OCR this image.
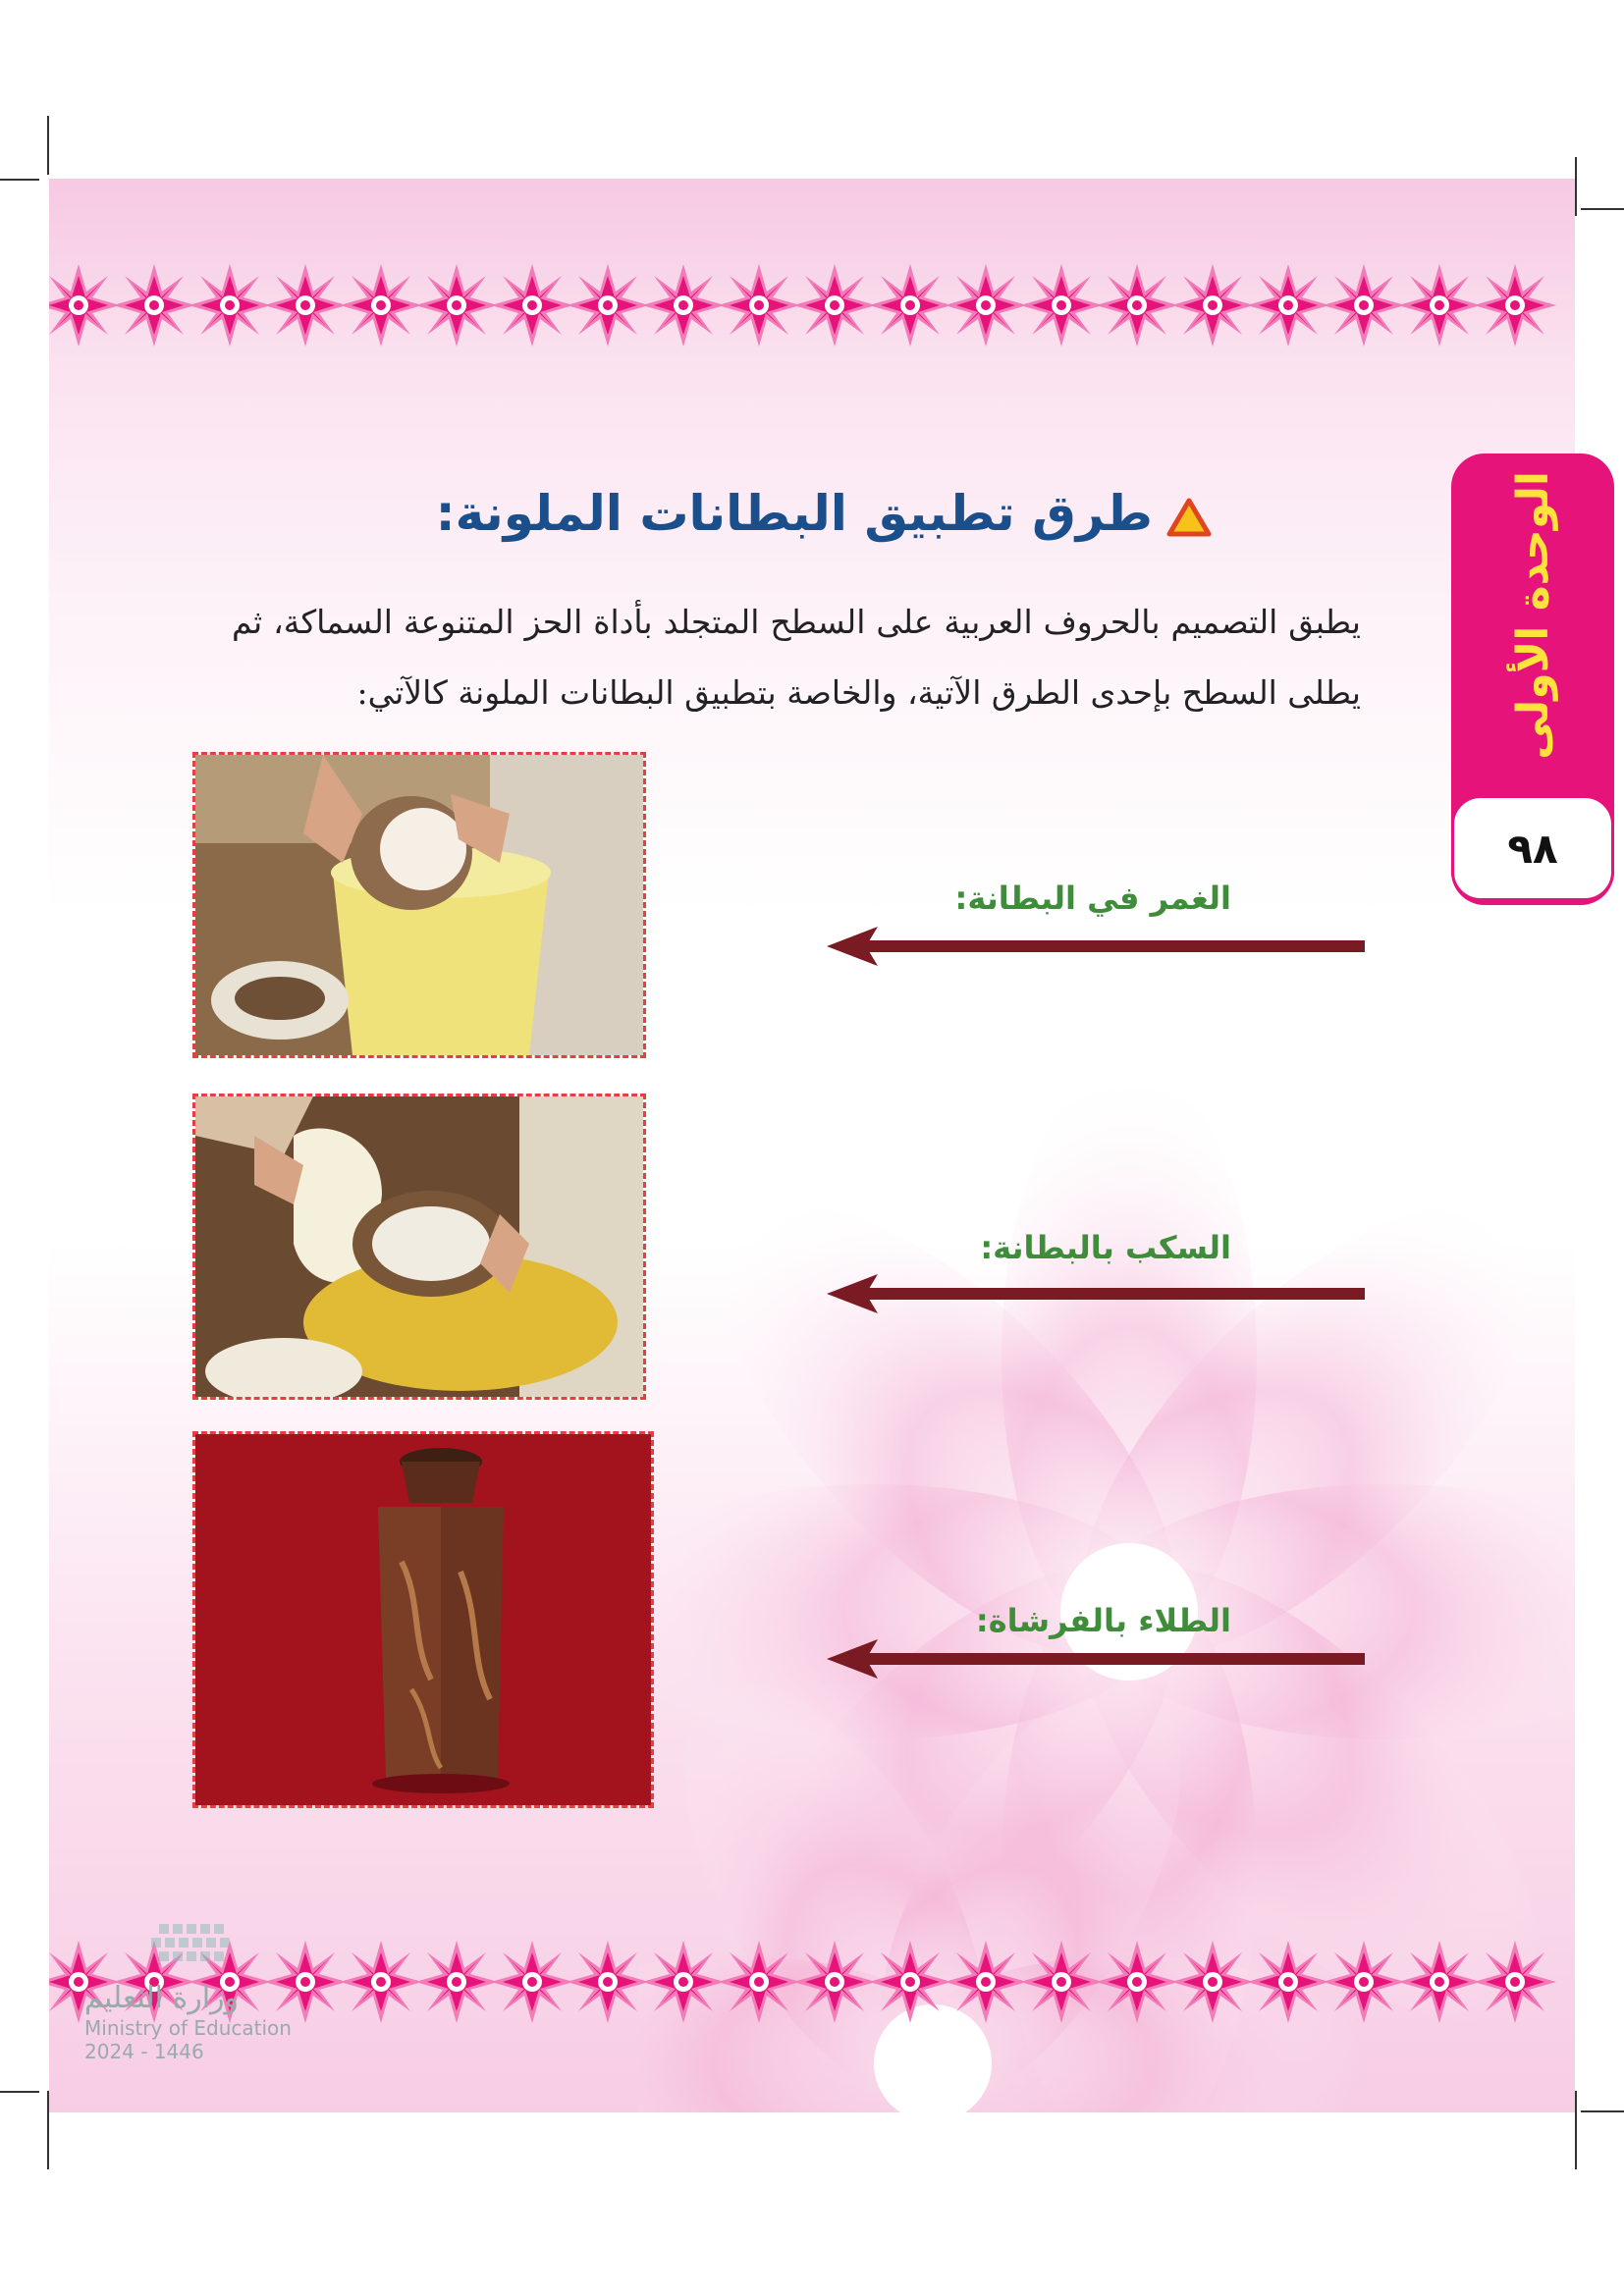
وزارة التعليم
Ministry of Education
2024 - 1446
الوحدة الأولى
٩٨
طرق تطبيق البطانات الملونة:
يطبق التصميم بالحروف العربية على السطح المتجلد بأداة الحز المتنوعة السماكة، ثم يطلى السطح بإحدى الطرق الآتية، والخاصة بتطبيق البطانات الملونة كالآتي:
الغمر في البطانة:
السكب بالبطانة:
الطلاء بالفرشاة:
